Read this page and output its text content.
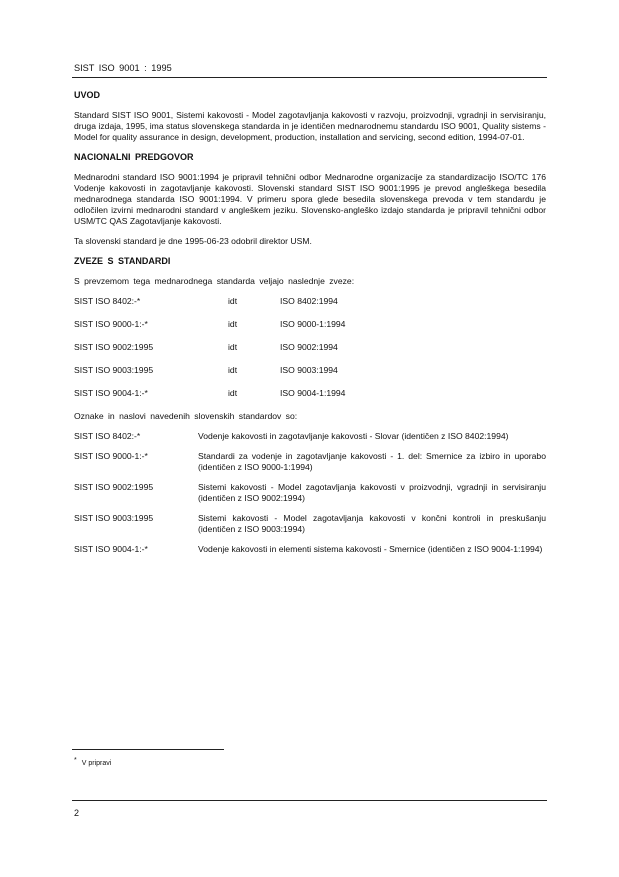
SIST ISO 9001 : 1995
UVOD

Standard SIST ISO 9001, Sistemi kakovosti - Model zagotavljanja kakovosti v razvoju, proizvodnji, vgradnji in servisiranju, druga izdaja, 1995, ima status slovenskega standarda in je identičen mednarodnemu standardu ISO 9001, Quality sistems - Model for quality assurance in design, development, production, installation and servicing, second edition, 1994-07-01.

NACIONALNI PREDGOVOR

Mednarodni standard ISO 9001:1994 je pripravil tehnični odbor Mednarodne organizacije za standardizacijo ISO/TC 176 Vodenje kakovosti in zagotavljanje kakovosti. Slovenski standard SIST ISO 9001:1995 je prevod angleškega besedila mednarodnega standarda ISO 9001:1994. V primeru spora glede besedila slovenskega prevoda v tem standardu je odločilen izvirni mednarodni standard v angleškem jeziku. Slovensko-angleško izdajo standarda je pripravil tehnični odbor USM/TC QAS Zagotavljanje kakovosti.

Ta slovenski standard je dne 1995-06-23 odobril direktor USM.

ZVEZE S STANDARDI

S prevzemom tega mednarodnega standarda veljajo naslednje zveze:

SIST ISO 8402:-*	idt	ISO 8402:1994
SIST ISO 9000-1:-*	idt	ISO 9000-1:1994
SIST ISO 9002:1995	idt	ISO 9002:1994
SIST ISO 9003:1995	idt	ISO 9003:1994
SIST ISO 9004-1:-*	idt	ISO 9004-1:1994

Oznake in naslovi navedenih slovenskih standardov so:

SIST ISO 8402:-*	Vodenje kakovosti in zagotavljanje kakovosti - Slovar (identičen z ISO 8402:1994)
SIST ISO 9000-1:-*	Standardi za vodenje in zagotavljanje kakovosti - 1. del: Smernice za izbiro in uporabo (identičen z ISO 9000-1:1994)
SIST ISO 9002:1995	Sistemi kakovosti - Model zagotavljanja kakovosti v proizvodnji, vgradnji in servisiranju (identičen z ISO 9002:1994)
SIST ISO 9003:1995	Sistemi kakovosti - Model zagotavljanja kakovosti v končni kontroli in preskušanju (identičen z ISO 9003:1994)
SIST ISO 9004-1:-*	Vodenje kakovosti in elementi sistema kakovosti - Smernice (identičen z ISO 9004-1:1994)
* V pripravi
2
